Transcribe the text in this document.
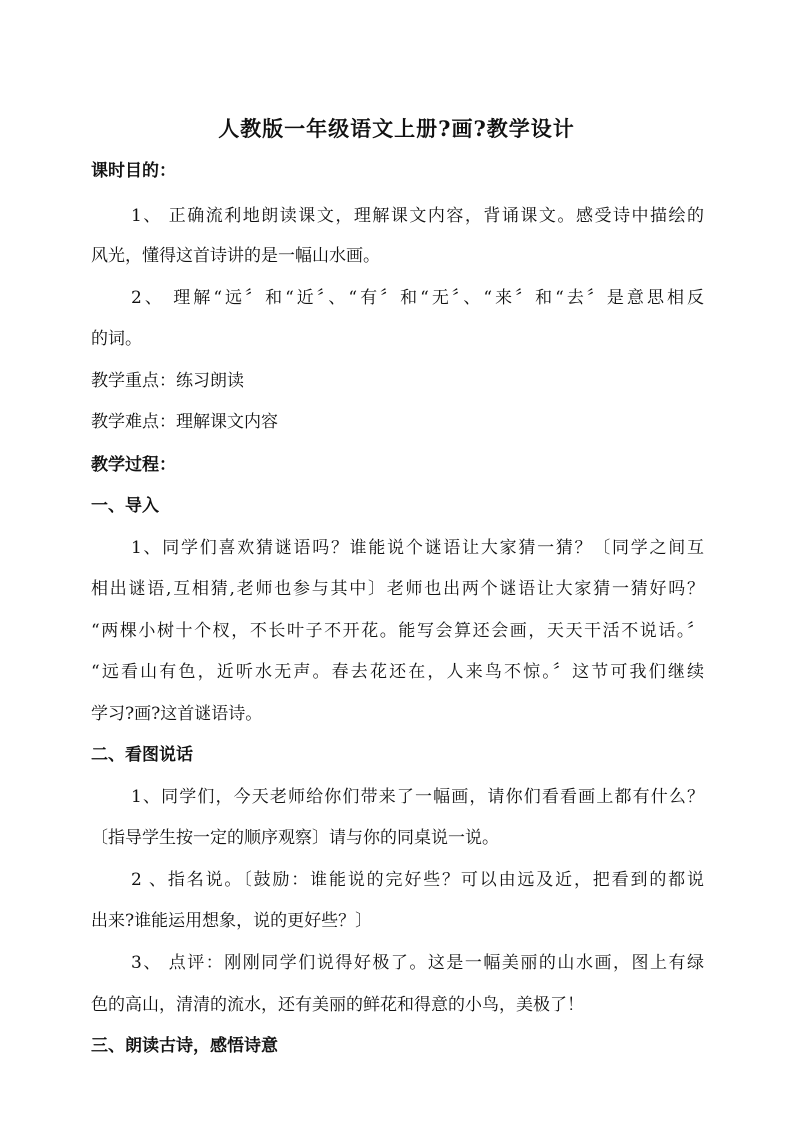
人教版一年级语文上册?画?教学设计
课时目的：
1、 正确流利地朗读课文，理解课文内容，背诵课文。感受诗中描绘的
风光，懂得这首诗讲的是一幅山水画。
2、 理解“远〞和“近〞、“有〞和“无〞、“来〞和“去〞是意思相反
的词。
教学重点：练习朗读
教学难点：理解课文内容
教学过程：
一、导入
1、同学们喜欢猜谜语吗？谁能说个谜语让大家猜一猜？〔同学之间互
相出谜语,互相猜,老师也参与其中〕老师也出两个谜语让大家猜一猜好吗？
“两棵小树十个杈，不长叶子不开花。能写会算还会画，天天干活不说话。〞
“远看山有色，近听水无声。春去花还在，人来鸟不惊。〞这节可我们继续
学习?画?这首谜语诗。
二、看图说话
1、同学们，今天老师给你们带来了一幅画，请你们看看画上都有什么？
〔指导学生按一定的顺序观察〕请与你的同桌说一说。
2 、指名说。〔鼓励：谁能说的完好些？可以由远及近，把看到的都说
出来?谁能运用想象，说的更好些？〕
3、 点评：刚刚同学们说得好极了。这是一幅美丽的山水画，图上有绿
色的高山，清清的流水，还有美丽的鲜花和得意的小鸟，美极了！
三、朗读古诗，感悟诗意
